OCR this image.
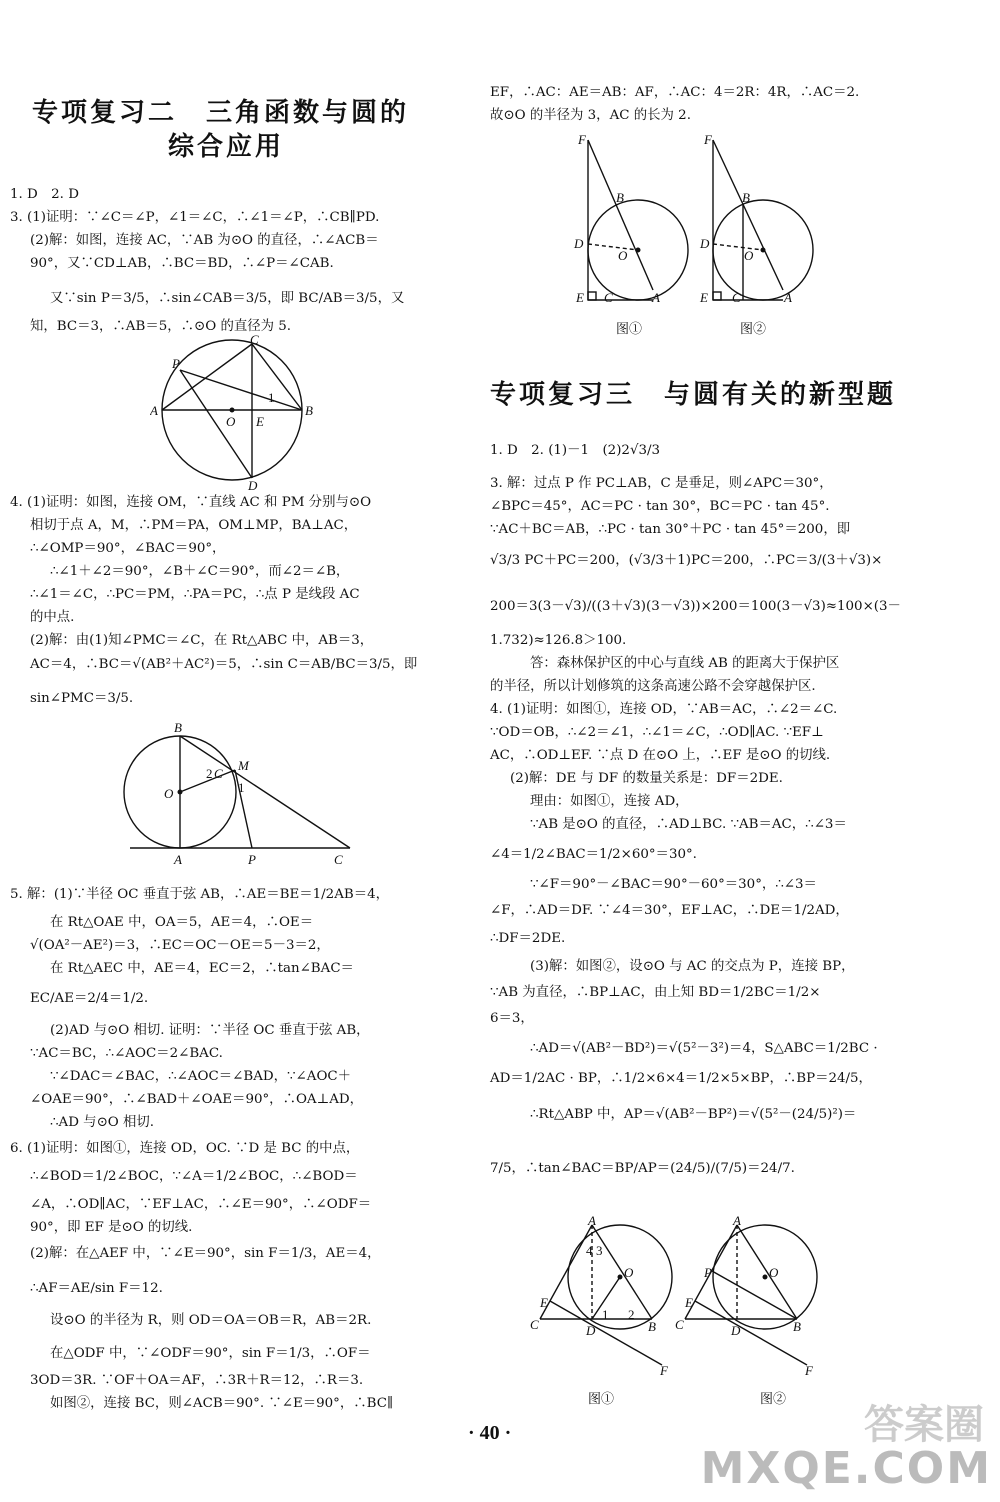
专项复习二　三角函数与圆的
综合应用
1. D　2. D
3. (1)证明：∵∠C＝∠P，∠1＝∠C，∴∠1＝∠P，∴CB∥PD.
(2)解：如图，连接 AC，∵AB 为⊙O 的直径，∴∠ACB＝
90°，又∵CD⊥AB，∴BC＝BD，∴∠P＝∠CAB.
又∵sin P＝3/5，∴sin∠CAB＝3/5，即 BC/AB＝3/5，又
知，BC＝3，∴AB＝5，∴⊙O 的直径为 5.
A	B
P
C
D
O E
1
4. (1)证明：如图，连接 OM，∵直线 AC 和 PM 分别与⊙O
相切于点 A，M，∴PM＝PA，OM⊥MP，BA⊥AC，
∴∠OMP＝90°，∠BAC＝90°，
∴∠1＋∠2＝90°，∠B＋∠C＝90°，而∠2＝∠B，
∴∠1＝∠C，∴PC＝PM，∴PA＝PC，∴点 P 是线段 AC
的中点.
(2)解：由(1)知∠PMC＝∠C，在 Rt△ABC 中，AB＝3，
AC＝4，∴BC＝√(AB²＋AC²)＝5，∴sin C＝AB/BC＝3/5，即
sin∠PMC＝3/5.
B
O
M
A	P	C
2 C
1
5. 解：(1)∵半径 OC 垂直于弦 AB，∴AE＝BE＝1/2AB＝4，
在 Rt△OAE 中，OA＝5，AE＝4，∴OE＝
√(OA²－AE²)＝3，∴EC＝OC－OE＝5－3＝2，
在 Rt△AEC 中，AE＝4，EC＝2，∴tan∠BAC＝
EC/AE＝2/4＝1/2.
(2)AD 与⊙O 相切. 证明：∵半径 OC 垂直于弦 AB，
∵AC＝BC，∴∠AOC＝2∠BAC.
∵∠DAC＝∠BAC，∴∠AOC＝∠BAD，∵∠AOC＋
∠OAE＝90°，∴∠BAD＋∠OAE＝90°，∴OA⊥AD，
∴AD 与⊙O 相切.
6. (1)证明：如图①，连接 OD，OC. ∵D 是 BC 的中点，
∴∠BOD＝1/2∠BOC，∵∠A＝1/2∠BOC，∴∠BOD＝
∠A，∴OD∥AC，∵EF⊥AC，∴∠E＝90°，∴∠ODF＝
90°，即 EF 是⊙O 的切线.
(2)解：在△AEF 中，∵∠E＝90°，sin F＝1/3，AE＝4，
∴AF＝AE/sin F＝12.
设⊙O 的半径为 R，则 OD＝OA＝OB＝R，AB＝2R.
在△ODF 中，∵∠ODF＝90°，sin F＝1/3，∴OF＝
3OD＝3R. ∵OF＋OA＝AF，∴3R＋R＝12，∴R＝3.
如图②，连接 BC，则∠ACB＝90°. ∵∠E＝90°，∴BC∥
EF，∴AC：AE＝AB：AF，∴AC：4＝2R：4R，∴AC＝2.
故⊙O 的半径为 3，AC 的长为 2.
F
B
D
O
E C	A
F
B
D
O
E C	A
图①	图②
专项复习三　与圆有关的新型题
1. D　2. (1)－1　(2)2√3/3
3. 解：过点 P 作 PC⊥AB，C 是垂足，则∠APC＝30°，
∠BPC＝45°，AC＝PC · tan 30°，BC＝PC · tan 45°.
∵AC＋BC＝AB，∴PC · tan 30°＋PC · tan 45°＝200，即
√3/3 PC＋PC＝200，(√3/3＋1)PC＝200，∴PC＝3/(3＋√3)×
200＝3(3－√3)/((3＋√3)(3－√3))×200＝100(3－√3)≈100×(3－
1.732)≈126.8＞100.
答：森林保护区的中心与直线 AB 的距离大于保护区
的半径，所以计划修筑的这条高速公路不会穿越保护区.
4. (1)证明：如图①，连接 OD，∵AB＝AC，∴∠2＝∠C.
∵OD＝OB，∴∠2＝∠1，∴∠1＝∠C，∴OD∥AC. ∵EF⊥
AC，∴OD⊥EF. ∵点 D 在⊙O 上，∴EF 是⊙O 的切线.
(2)解：DE 与 DF 的数量关系是：DF＝2DE.
理由：如图①，连接 AD，
∵AB 是⊙O 的直径，∴AD⊥BC. ∵AB＝AC，∴∠3＝
∠4＝1/2∠BAC＝1/2×60°＝30°.
∵∠F＝90°－∠BAC＝90°－60°＝30°，∴∠3＝
∠F，∴AD＝DF. ∵∠4＝30°，EF⊥AC，∴DE＝1/2AD，
∴DF＝2DE.
(3)解：如图②，设⊙O 与 AC 的交点为 P，连接 BP，
∵AB 为直径，∴BP⊥AC，由上知 BD＝1/2BC＝1/2×
6＝3，
∴AD＝√(AB²－BD²)＝√(5²－3²)＝4，S△ABC＝1/2BC ·
AD＝1/2AC · BP，∴1/2×6×4＝1/2×5×BP，∴BP＝24/5，
∴Rt△ABP 中，AP＝√(AB²－BP²)＝√(5²－(24/5)²)＝
7/5，∴tan∠BAC＝BP/AP＝(24/5)/(7/5)＝24/7.
A
O
E
C	D	B
F
4 3
1 2
A
O
P
E
C	D	B
F
图①	图②
· 40 ·	答案圈
MXQE.COM
